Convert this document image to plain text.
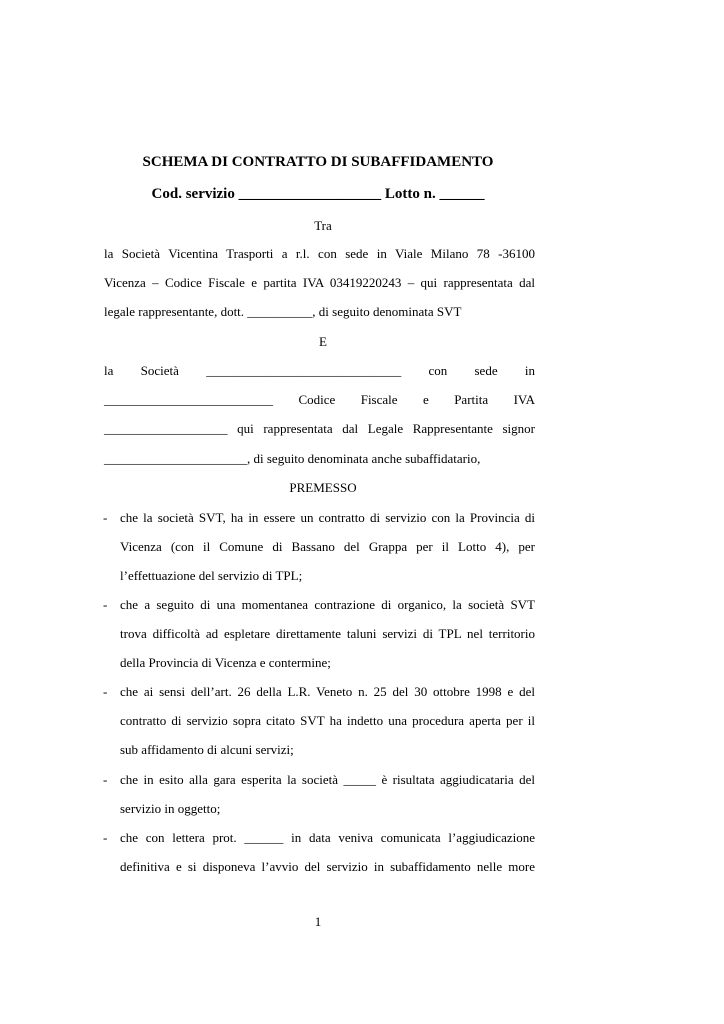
SCHEMA DI CONTRATTO DI SUBAFFIDAMENTO
Cod. servizio ___________________ Lotto n. ______
Tra
la Società Vicentina Trasporti a r.l. con sede in Viale Milano 78 -36100
Vicenza – Codice Fiscale e partita IVA 03419220243 – qui rappresentata dal
legale rappresentante, dott. __________, di seguito denominata SVT
E
la Società ______________________________ con sede in
__________________________ Codice Fiscale e Partita IVA
___________________ qui rappresentata dal Legale Rappresentante signor
______________________, di seguito denominata anche subaffidatario,
PREMESSO
- che la società SVT, ha in essere un contratto di servizio con la Provincia di
Vicenza (con il Comune di Bassano del Grappa per il Lotto 4), per
l’effettuazione del servizio di TPL;
- che a seguito di una momentanea contrazione di organico, la società SVT
trova difficoltà ad espletare direttamente taluni servizi di TPL nel territorio
della Provincia di Vicenza e contermine;
- che ai sensi dell’art. 26 della L.R. Veneto n. 25 del 30 ottobre 1998 e del
contratto di servizio sopra citato SVT ha indetto una procedura aperta per il
sub affidamento di alcuni servizi;
- che in esito alla gara esperita la società _____ è risultata aggiudicataria del
servizio in oggetto;
- che con lettera prot. ______ in data veniva comunicata l’aggiudicazione
definitiva e si disponeva l’avvio del servizio in subaffidamento nelle more
1
